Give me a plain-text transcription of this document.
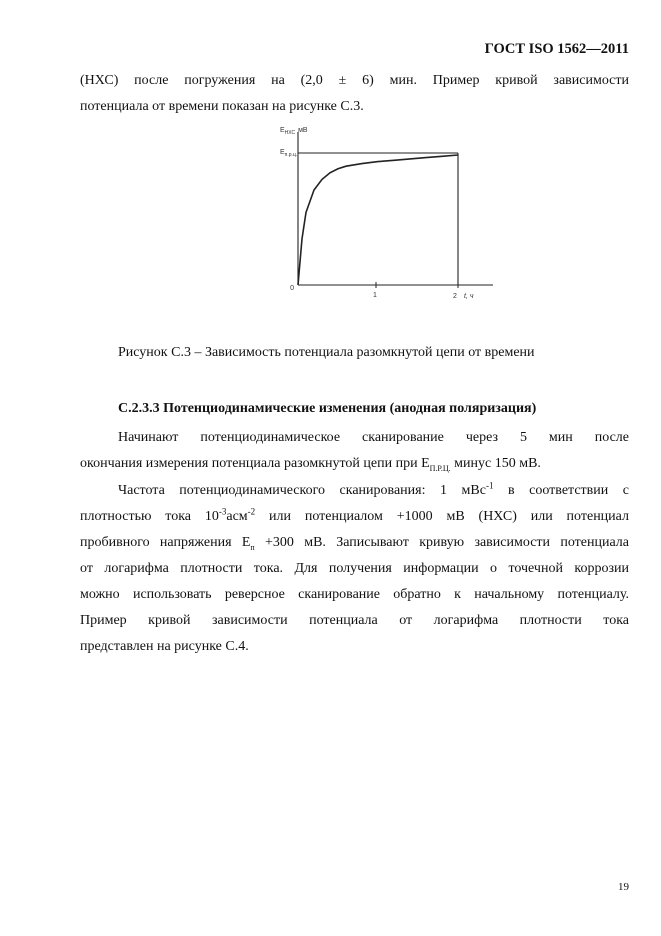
ГОСТ ISO 1562—2011
(НХС) после погружения на (2,0 ± 6) мин. Пример кривой зависимости
потенциала от времени показан на рисунке С.3.
$E_{НХС}$ мВ
$E_{п.р.ц.}$
0
1	2 t, ч
Рисунок С.3 – Зависимость потенциала разомкнутой цепи от времени
C.2.3.3 Потенциодинамические изменения (анодная поляризация)
Начинают потенциодинамическое сканирование через 5 мин после
окончания измерения потенциала разомкнутой цепи при $E_{П.Р.Ц.}$ минус 150 мВ.
Частота потенциодинамического сканирования: 1 мВс$^{-1}$ в соответствии с
плотностью тока $10^{-3}асм^{-2}$ или потенциалом +1000 мВ (НХС) или потенциал
пробивного напряжения $E_п +300$ мВ. Записывают кривую зависимости потенциала
от логарифма плотности тока. Для получения информации о точечной коррозии
можно использовать реверсное сканирование обратно к начальному потенциалу.
Пример кривой зависимости потенциала от логарифма плотности тока
представлен на рисунке С.4.
19
